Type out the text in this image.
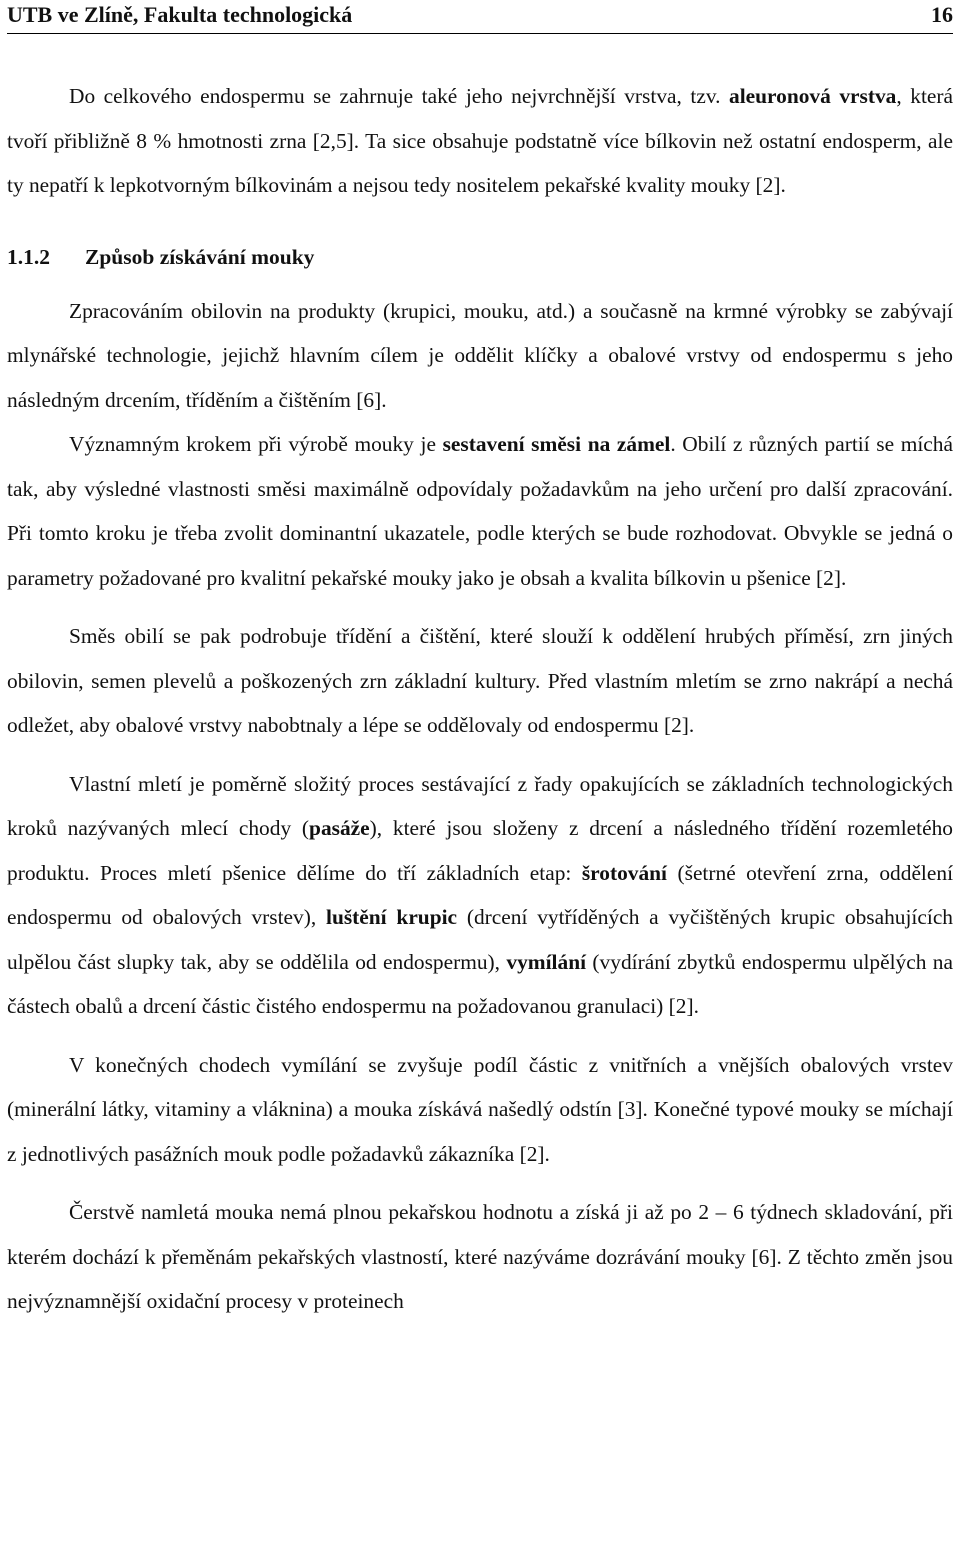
UTB ve Zlíně, Fakulta technologická	16

Do celkového endospermu se zahrnuje také jeho nejvrchnější vrstva, tzv. aleuronová vrstva, která tvoří přibližně 8 % hmotnosti zrna [2,5]. Ta sice obsahuje podstatně více bílkovin než ostatní endosperm, ale ty nepatří k lepkotvorným bílkovinám a nejsou tedy nositelem pekařské kvality mouky [2].

1.1.2 Způsob získávání mouky

Zpracováním obilovin na produkty (krupici, mouku, atd.) a současně na krmné výrobky se zabývají mlynářské technologie, jejichž hlavním cílem je oddělit klíčky a obalové vrstvy od endospermu s jeho následným drcením, tříděním a čištěním [6].

Významným krokem při výrobě mouky je sestavení směsi na zámel. Obilí z různých partií se míchá tak, aby výsledné vlastnosti směsi maximálně odpovídaly požadavkům na jeho určení pro další zpracování. Při tomto kroku je třeba zvolit dominantní ukazatele, podle kterých se bude rozhodovat. Obvykle se jedná o parametry požadované pro kvalitní pekařské mouky jako je obsah a kvalita bílkovin u pšenice [2].

Směs obilí se pak podrobuje třídění a čištění, které slouží k oddělení hrubých příměsí, zrn jiných obilovin, semen plevelů a poškozených zrn základní kultury. Před vlastním mletím se zrno nakrápí a nechá odležet, aby obalové vrstvy nabobtnaly a lépe se oddělovaly od endospermu [2].

Vlastní mletí je poměrně složitý proces sestávající z řady opakujících se základních technologických kroků nazývaných mlecí chody (pasáže), které jsou složeny z drcení a následného třídění rozemletého produktu. Proces mletí pšenice dělíme do tří základních etap: šrotování (šetrné otevření zrna, oddělení endospermu od obalových vrstev), luštění krupic (drcení vytříděných a vyčištěných krupic obsahujících ulpělou část slupky tak, aby se oddělila od endospermu), vymílání (vydírání zbytků endospermu ulpělých na částech obalů a drcení částic čistého endospermu na požadovanou granulaci) [2].

V konečných chodech vymílání se zvyšuje podíl částic z vnitřních a vnějších obalových vrstev (minerální látky, vitaminy a vláknina) a mouka získává našedlý odstín [3]. Konečné typové mouky se míchají z jednotlivých pasážních mouk podle požadavků zákazníka [2].

Čerstvě namletá mouka nemá plnou pekařskou hodnotu a získá ji až po 2 – 6 týdnech skladování, při kterém dochází k přeměnám pekařských vlastností, které nazýváme dozrávání mouky [6]. Z těchto změn jsou nejvýznamnější oxidační procesy v proteinech
